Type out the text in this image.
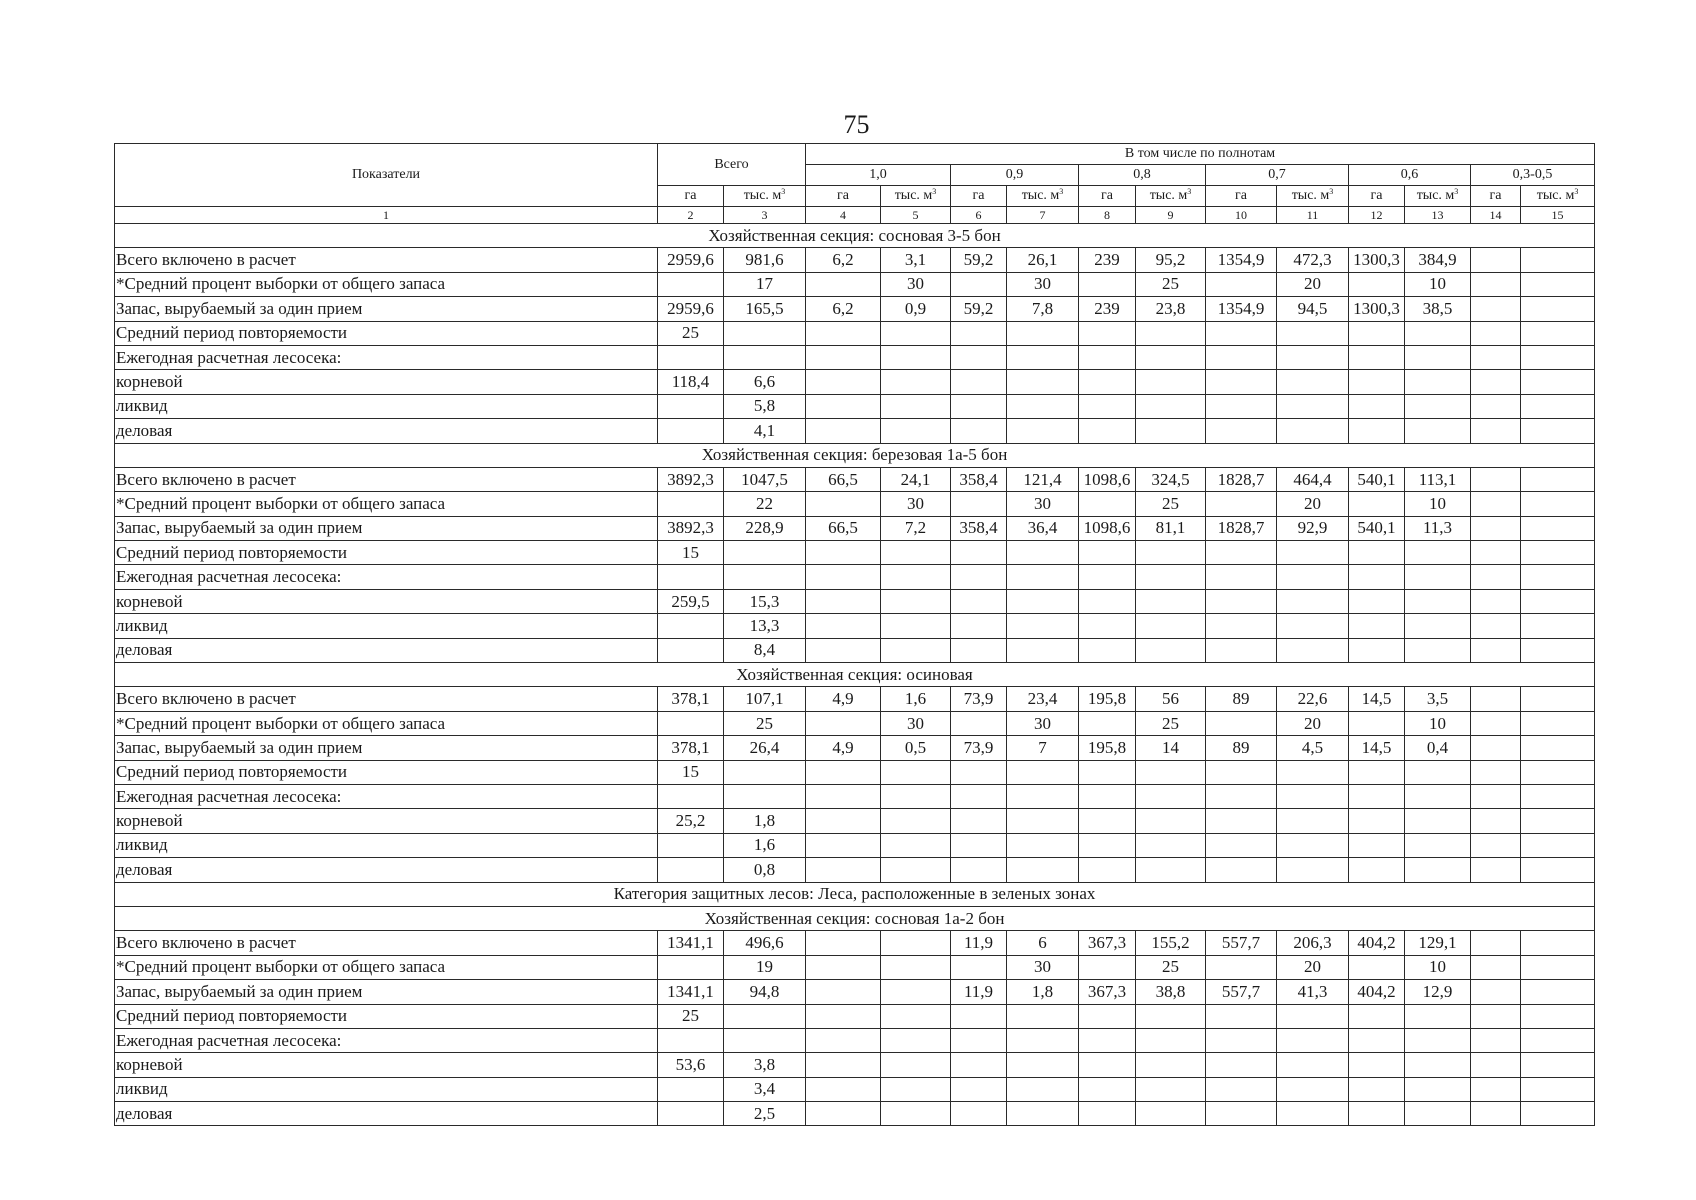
75
Показатели	Всего		В том числе по полнотам											
			1,0		0,9		0,8		0,7		0,6		0,3-0,5	
	га	тыс. $м^3$	га	тыс. $м^3$	га	тыс. $м^3$	га	тыс. $м^3$	га	тыс. $м^3$	га	тыс. $м^3$	га	тыс. $м^3$
1	2	3	4	5	6	7	8	9	10	11	12	13	14	15
Хозяйственная секция: сосновая 3-5 бон														
Всего включено в расчет	2959,6	981,6	6,2	3,1	59,2	26,1	239	95,2	1354,9	472,3	1300,3	384,9		
*Средний процент выборки от общего запаса		17		30		30		25		20		10		
Запас, вырубаемый за один прием	2959,6	165,5	6,2	0,9	59,2	7,8	239	23,8	1354,9	94,5	1300,3	38,5		
Средний период повторяемости	25													
Ежегодная расчетная лесосека:														
корневой	118,4	6,6												
ликвид		5,8												
деловая		4,1												
Хозяйственная секция: березовая 1а-5 бон														
Всего включено в расчет	3892,3	1047,5	66,5	24,1	358,4	121,4	1098,6	324,5	1828,7	464,4	540,1	113,1		
*Средний процент выборки от общего запаса		22		30		30		25		20		10		
Запас, вырубаемый за один прием	3892,3	228,9	66,5	7,2	358,4	36,4	1098,6	81,1	1828,7	92,9	540,1	11,3		
Средний период повторяемости	15													
Ежегодная расчетная лесосека:														
корневой	259,5	15,3												
ликвид		13,3												
деловая		8,4												
Хозяйственная секция: осиновая														
Всего включено в расчет	378,1	107,1	4,9	1,6	73,9	23,4	195,8	56	89	22,6	14,5	3,5		
*Средний процент выборки от общего запаса		25		30		30		25		20		10		
Запас, вырубаемый за один прием	378,1	26,4	4,9	0,5	73,9	7	195,8	14	89	4,5	14,5	0,4		
Средний период повторяемости	15													
Ежегодная расчетная лесосека:														
корневой	25,2	1,8												
ликвид		1,6												
деловая		0,8												
Категория защитных лесов: Леса, расположенные в зеленых зонах														
Хозяйственная секция: сосновая 1а-2 бон														
Всего включено в расчет	1341,1	496,6			11,9	6	367,3	155,2	557,7	206,3	404,2	129,1		
*Средний процент выборки от общего запаса		19				30		25		20		10		
Запас, вырубаемый за один прием	1341,1	94,8			11,9	1,8	367,3	38,8	557,7	41,3	404,2	12,9		
Средний период повторяемости	25													
Ежегодная расчетная лесосека:														
корневой	53,6	3,8												
ликвид		3,4												
деловая		2,5												
